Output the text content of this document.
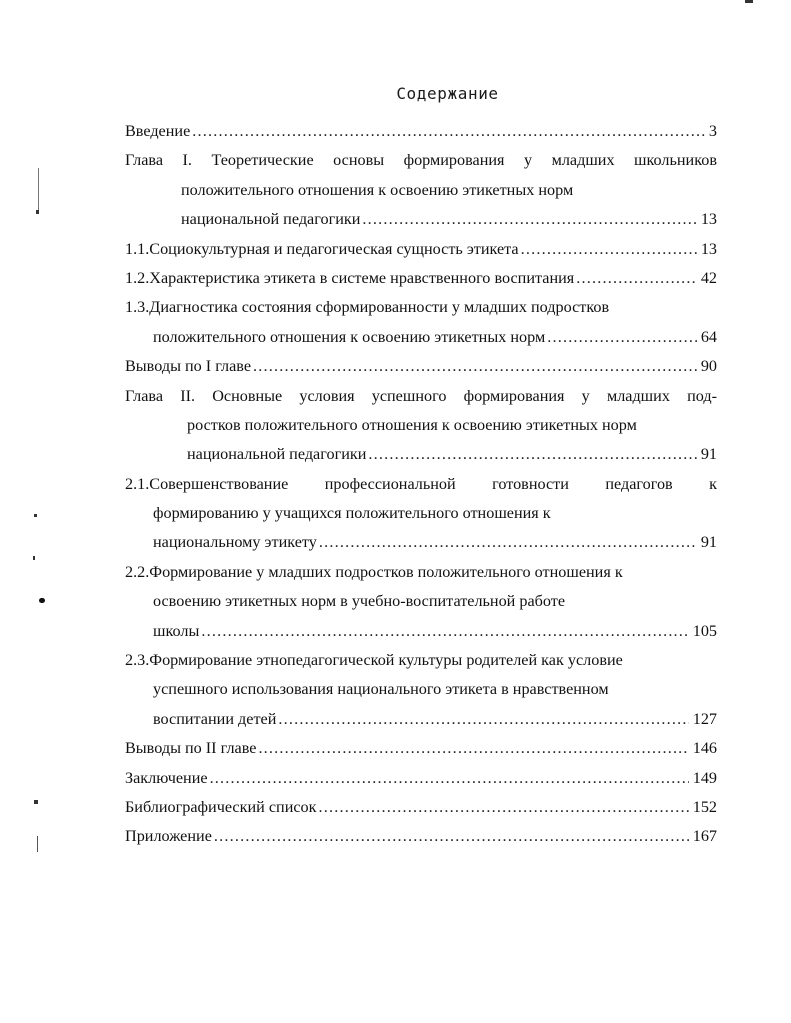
Содержание
Введение .....	3
Глава I. Теоретические основы формирования у младших школьников
положительного отношения к освоению этикетных норм
национальной педагогики .....	13
1.1.Социокультурная и педагогическая сущность этикета .....	13
1.2.Характеристика этикета в системе нравственного воспитания .....	42
1.3.Диагностика состояния сформированности у младших подростков
положительного отношения к освоению этикетных норм .....	64
Выводы по I главе .....	90
Глава II. Основные условия успешного формирования у младших под-
ростков положительного отношения к освоению этикетных норм
национальной педагогики .....	91
2.1.Совершенствование профессиональной готовности педагогов к
формированию у учащихся положительного отношения к
национальному этикету .....	91
2.2.Формирование у младших подростков положительного отношения к
освоению этикетных норм в учебно-воспитательной работе
школы .....	105
2.3.Формирование этнопедагогической культуры родителей как условие
успешного использования национального этикета в нравственном
воспитании детей .....	127
Выводы по II главе .....	146
Заключение .....	149
Библиографический список .....	152
Приложение .....	167
